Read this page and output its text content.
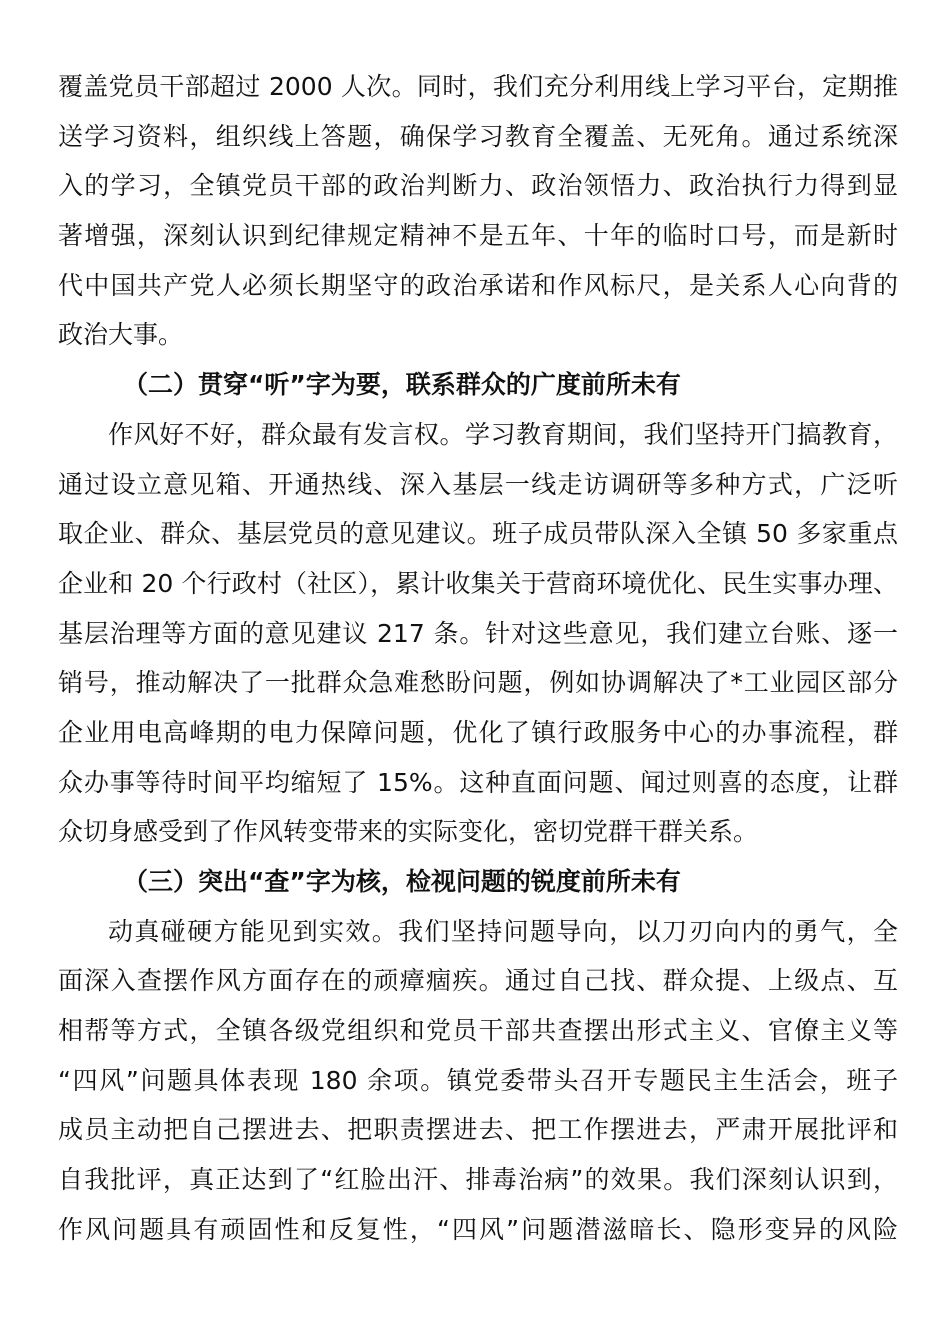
覆盖党员干部超过 2000 人次。同时，我们充分利用线上学习平台，定期推
送学习资料，组织线上答题，确保学习教育全覆盖、无死角。通过系统深
入的学习，全镇党员干部的政治判断力、政治领悟力、政治执行力得到显
著增强，深刻认识到纪律规定精神不是五年、十年的临时口号，而是新时
代中国共产党人必须长期坚守的政治承诺和作风标尺，是关系人心向背的
政治大事。
（二）贯穿“听”字为要，联系群众的广度前所未有
作风好不好，群众最有发言权。学习教育期间，我们坚持开门搞教育，
通过设立意见箱、开通热线、深入基层一线走访调研等多种方式，广泛听
取企业、群众、基层党员的意见建议。班子成员带队深入全镇 50 多家重点
企业和 20 个行政村（社区），累计收集关于营商环境优化、民生实事办理、
基层治理等方面的意见建议 217 条。针对这些意见，我们建立台账、逐一
销号，推动解决了一批群众急难愁盼问题，例如协调解决了*工业园区部分
企业用电高峰期的电力保障问题，优化了镇行政服务中心的办事流程，群
众办事等待时间平均缩短了 15%。这种直面问题、闻过则喜的态度，让群
众切身感受到了作风转变带来的实际变化，密切党群干群关系。
（三）突出“查”字为核，检视问题的锐度前所未有
动真碰硬方能见到实效。我们坚持问题导向，以刀刃向内的勇气，全
面深入查摆作风方面存在的顽瘴痼疾。通过自己找、群众提、上级点、互
相帮等方式，全镇各级党组织和党员干部共查摆出形式主义、官僚主义等
“四风”问题具体表现 180 余项。镇党委带头召开专题民主生活会，班子
成员主动把自己摆进去、把职责摆进去、把工作摆进去，严肃开展批评和
自我批评，真正达到了“红脸出汗、排毒治病”的效果。我们深刻认识到，
作风问题具有顽固性和反复性，“四风”问题潜滋暗长、隐形变异的风险
